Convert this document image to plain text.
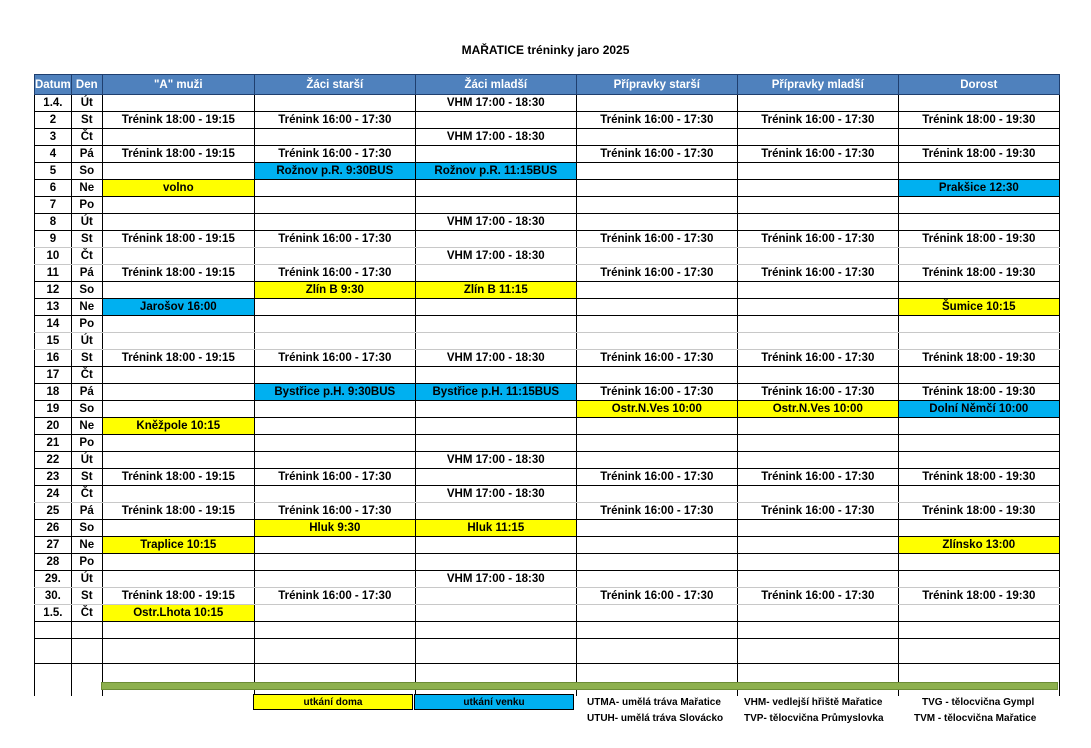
MAŘATICE tréninky jaro 2025
Datum	Den	"A" muži	Žáci starší	Žáci mladší	Přípravky starší	Přípravky mladší	Dorost
1.4.	Út			VHM 17:00 - 18:30			
2	St	Trénink 18:00 - 19:15	Trénink 16:00 - 17:30		Trénink 16:00 - 17:30	Trénink 16:00 - 17:30	Trénink 18:00 - 19:30
3	Čt			VHM 17:00 - 18:30			
4	Pá	Trénink 18:00 - 19:15	Trénink 16:00 - 17:30		Trénink 16:00 - 17:30	Trénink 16:00 - 17:30	Trénink 18:00 - 19:30
5	So		Rožnov p.R. 9:30BUS	Rožnov p.R. 11:15BUS			
6	Ne	volno					Prakšice 12:30
7	Po						
8	Út			VHM 17:00 - 18:30			
9	St	Trénink 18:00 - 19:15	Trénink 16:00 - 17:30		Trénink 16:00 - 17:30	Trénink 16:00 - 17:30	Trénink 18:00 - 19:30
10	Čt			VHM 17:00 - 18:30			
11	Pá	Trénink 18:00 - 19:15	Trénink 16:00 - 17:30		Trénink 16:00 - 17:30	Trénink 16:00 - 17:30	Trénink 18:00 - 19:30
12	So		Zlín B 9:30	Zlín B 11:15			
13	Ne	Jarošov 16:00					Šumice 10:15
14	Po						
15	Út						
16	St	Trénink 18:00 - 19:15	Trénink 16:00 - 17:30	VHM 17:00 - 18:30	Trénink 16:00 - 17:30	Trénink 16:00 - 17:30	Trénink 18:00 - 19:30
17	Čt						
18	Pá		Bystřice p.H. 9:30BUS	Bystřice p.H. 11:15BUS	Trénink 16:00 - 17:30	Trénink 16:00 - 17:30	Trénink 18:00 - 19:30
19	So				Ostr.N.Ves 10:00	Ostr.N.Ves 10:00	Dolní Němčí 10:00
20	Ne	Kněžpole 10:15					
21	Po						
22	Út			VHM 17:00 - 18:30			
23	St	Trénink 18:00 - 19:15	Trénink 16:00 - 17:30		Trénink 16:00 - 17:30	Trénink 16:00 - 17:30	Trénink 18:00 - 19:30
24	Čt			VHM 17:00 - 18:30			
25	Pá	Trénink 18:00 - 19:15	Trénink 16:00 - 17:30		Trénink 16:00 - 17:30	Trénink 16:00 - 17:30	Trénink 18:00 - 19:30
26	So		Hluk 9:30	Hluk 11:15			
27	Ne	Traplice 10:15					Zlínsko 13:00
28	Po						
29.	Út			VHM 17:00 - 18:30			
30.	St	Trénink 18:00 - 19:15	Trénink 16:00 - 17:30		Trénink 16:00 - 17:30	Trénink 16:00 - 17:30	Trénink 18:00 - 19:30
1.5.	Čt	Ostr.Lhota 10:15					

utkání doma	utkání venku	UTMA- umělá tráva Mařatice
UTUH- umělá tráva Slovácko
VHM- vedlejší hřiště Mařatice
TVP- tělocvična Průmyslovka
TVG - tělocvična Gympl
TVM - tělocvična Mařatice
